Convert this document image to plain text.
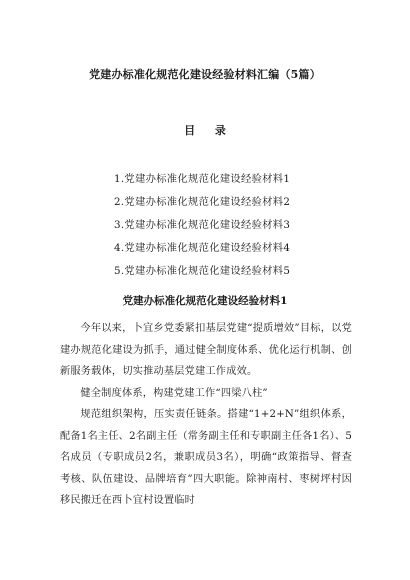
党建办标准化规范化建设经验材料汇编（5篇）
目 录
1.党建办标准化规范化建设经验材料1
2.党建办标准化规范化建设经验材料2
3.党建办标准化规范化建设经验材料3
4.党建办标准化规范化建设经验材料4
5.党建办标准化规范化建设经验材料5
党建办标准化规范化建设经验材料1

今年以来，卜宜乡党委紧扣基层党建“提质增效”目标，以党建办规范化建设为抓手，通过健全制度体系、优化运行机制、创新服务载体，切实推动基层党建工作成效。

健全制度体系，构建党建工作“四梁八柱”

规范组织架构，压实责任链条。搭建“1+2+N”组织体系，配备1名主任、2名副主任（常务副主任和专职副主任各1名）、5名成员（专职成员2名，兼职成员3名），明确“政策指导、督查考核、队伍建设、品牌培育”四大职能。除神南村、枣树坪村因移民搬迁在西卜宜村设置临时
